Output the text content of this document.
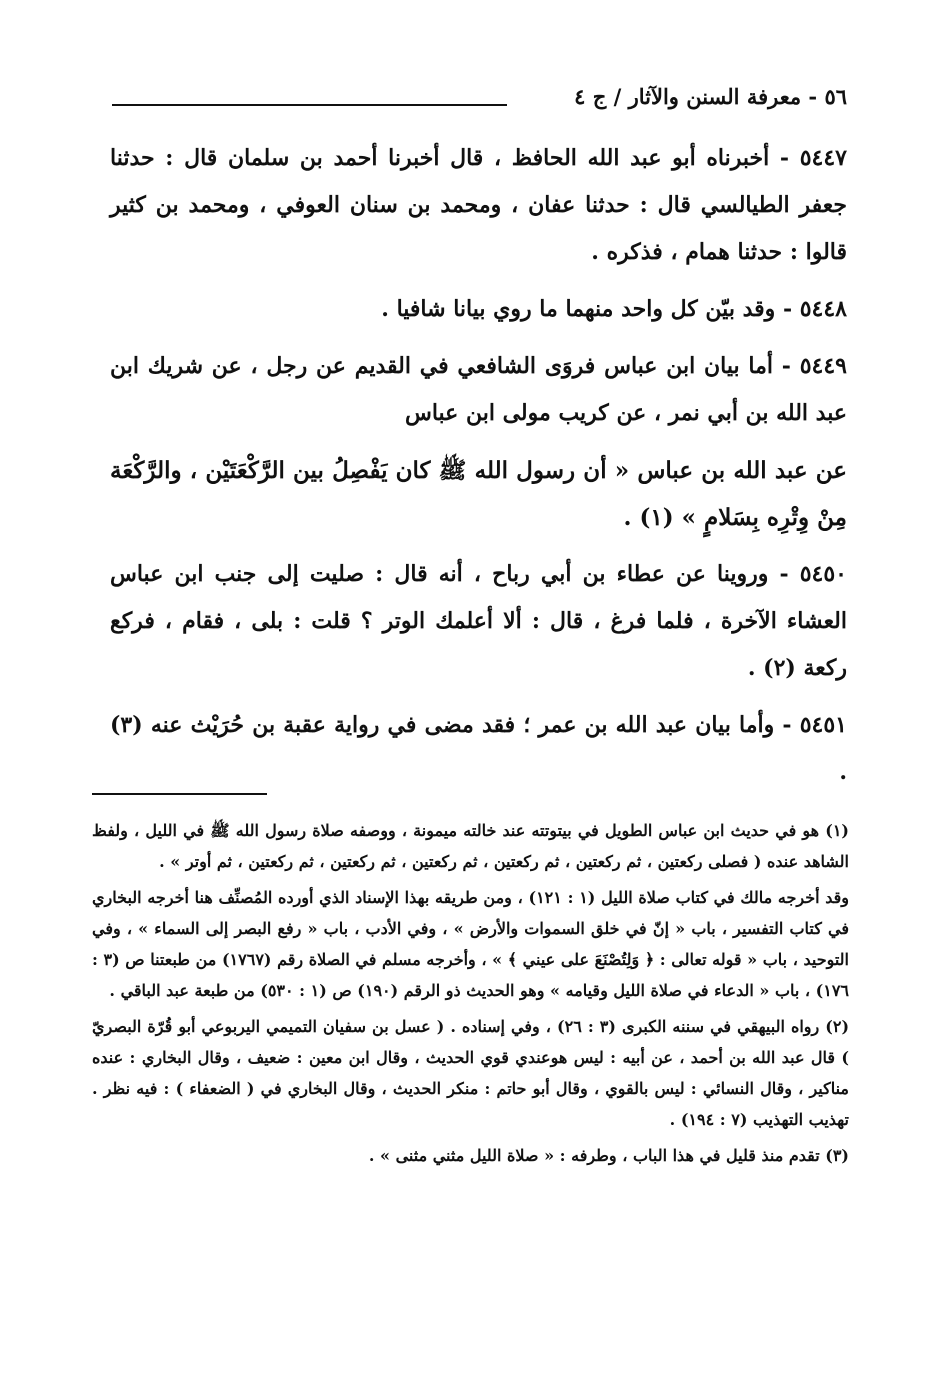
٥٦ - معرفة السنن والآثار / ج ٤

٥٤٤٧ - أخبرناه أبو عبد الله الحافظ ، قال أخبرنا أحمد بن سلمان قال : حدثنا جعفر الطيالسي قال : حدثنا عفان ، ومحمد بن سنان العوفي ، ومحمد بن كثير قالوا : حدثنا همام ، فذكره .

٥٤٤٨ - وقد بيّن كل واحد منهما ما روي بيانا شافيا .

٥٤٤٩ - أما بيان ابن عباس فروَى الشافعي في القديم عن رجل ، عن شريك ابن عبد الله بن أبي نمر ، عن كريب مولى ابن عباس

عن عبد الله بن عباس « أن رسول الله ﷺ كان يَفْصِلُ بين الرَّكْعَتَيْن ، والرَّكْعَة مِنْ وِتْرِه بِسَلامٍ » (١) .

٥٤٥٠ - وروينا عن عطاء بن أبي رباح ، أنه قال : صليت إلى جنب ابن عباس العشاء الآخرة ، فلما فرغ ، قال : ألا أعلمك الوتر ؟ قلت : بلى ، فقام ، فركع ركعة (٢) .

٥٤٥١ - وأما بيان عبد الله بن عمر ؛ فقد مضى في رواية عقبة بن حُرَيْث عنه (٣) .

(١) هو في حديث ابن عباس الطويل في بيتوتته عند خالته ميمونة ، ووصفه صلاة رسول الله ﷺ في الليل ، ولفظ الشاهد عنده ( فصلى ركعتين ، ثم ركعتين ، ثم ركعتين ، ثم ركعتين ، ثم ركعتين ، ثم ركعتين ، ثم أوتر » .

وقد أخرجه مالك في كتاب صلاة الليل (١ : ١٢١) ، ومن طريقه بهذا الإسناد الذي أورده المُصنِّف هنا أخرجه البخاري في كتاب التفسير ، باب « إنّ في خلق السموات والأرض » ، وفي الأدب ، باب « رفع البصر إلى السماء » ، وفي التوحيد ، باب « قوله تعالى : ﴿ وَلِتُصْنَعَ على عيني ﴾ » ، وأخرجه مسلم في الصلاة رقم (١٧٦٧) من طبعتنا ص (٣ : ١٧٦) ، باب « الدعاء في صلاة الليل وقيامه » وهو الحديث ذو الرقم (١٩٠) ص (١ : ٥٣٠) من طبعة عبد الباقي .

(٢) رواه البيهقي في سننه الكبرى (٣ : ٢٦) ، وفي إسناده . ( عسل بن سفيان التميمي اليربوعي أبو قُرّة البصريّ ) قال عبد الله بن أحمد ، عن أبيه : ليس هوعندي قوي الحديث ، وقال ابن معين : ضعيف ، وقال البخاري : عنده مناكير ، وقال النسائي : ليس بالقوي ، وقال أبو حاتم : منكر الحديث ، وقال البخاري في ( الضعفاء ) : فيه نظر . تهذيب التهذيب (٧ : ١٩٤) .

(٣) تقدم منذ قليل في هذا الباب ، وطرفه : « صلاة الليل مثني مثنى » .
